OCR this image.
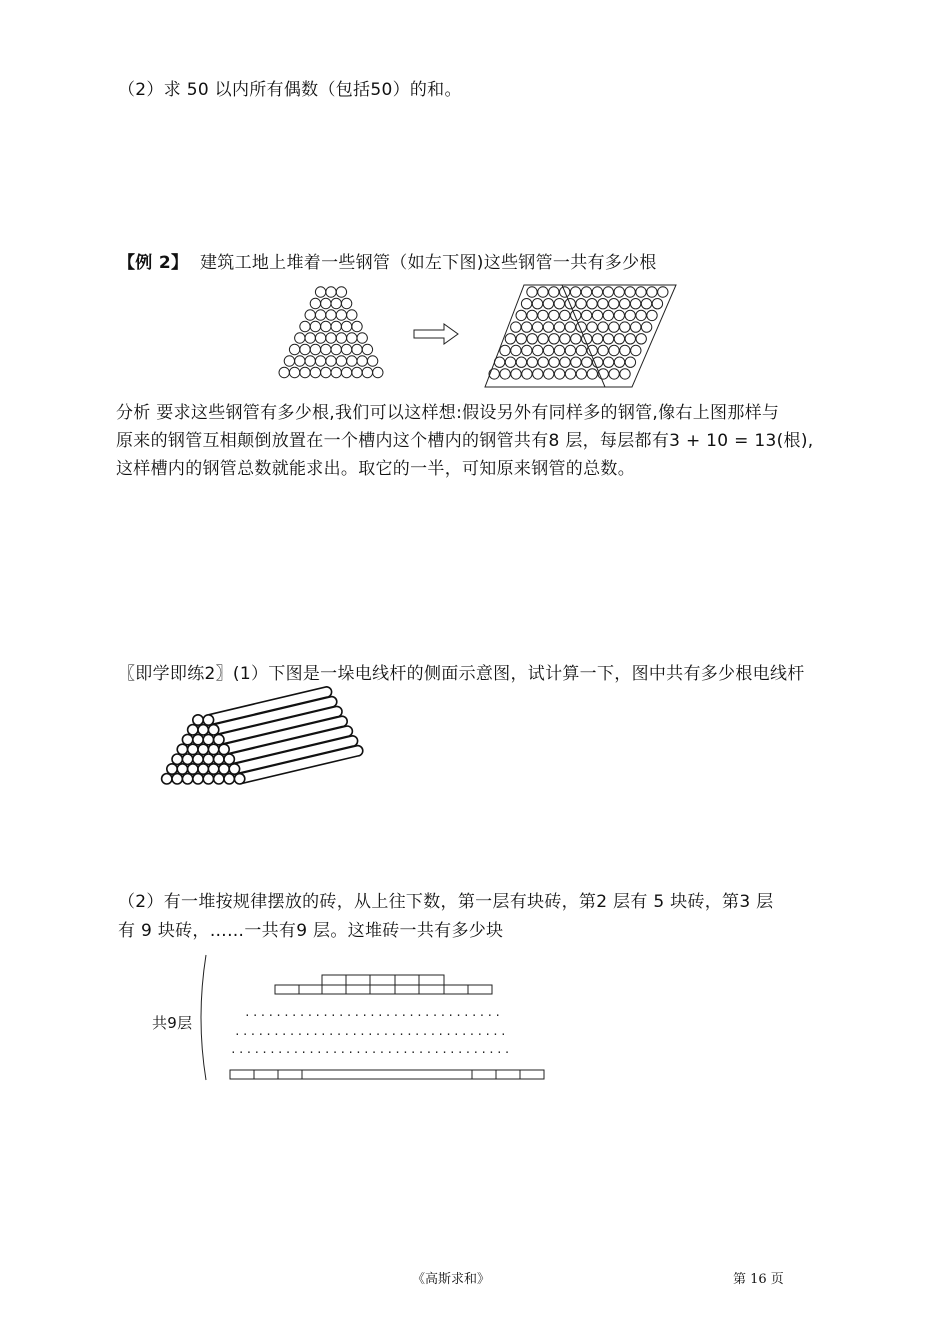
（2）求 50 以内所有偶数（包括50）的和。
【例 2】 建筑工地上堆着一些钢管（如左下图)这些钢管一共有多少根
分析 要求这些钢管有多少根,我们可以这样想:假设另外有同样多的钢管,像右上图那样与
原来的钢管互相颠倒放置在一个槽内这个槽内的钢管共有8 层，每层都有3 + 10 = 13(根),
这样槽内的钢管总数就能求出。取它的一半，可知原来钢管的总数。
〖即学即练2〗(1）下图是一垛电线杆的侧面示意图，试计算一下，图中共有多少根电线杆
（2）有一堆按规律摆放的砖，从上往下数，第一层有块砖，第2 层有 5 块砖，第3 层
有 9 块砖，……一共有9 层。这堆砖一共有多少块
.................................
...................................
....................................
共9层
《高斯求和》	第 16 页
